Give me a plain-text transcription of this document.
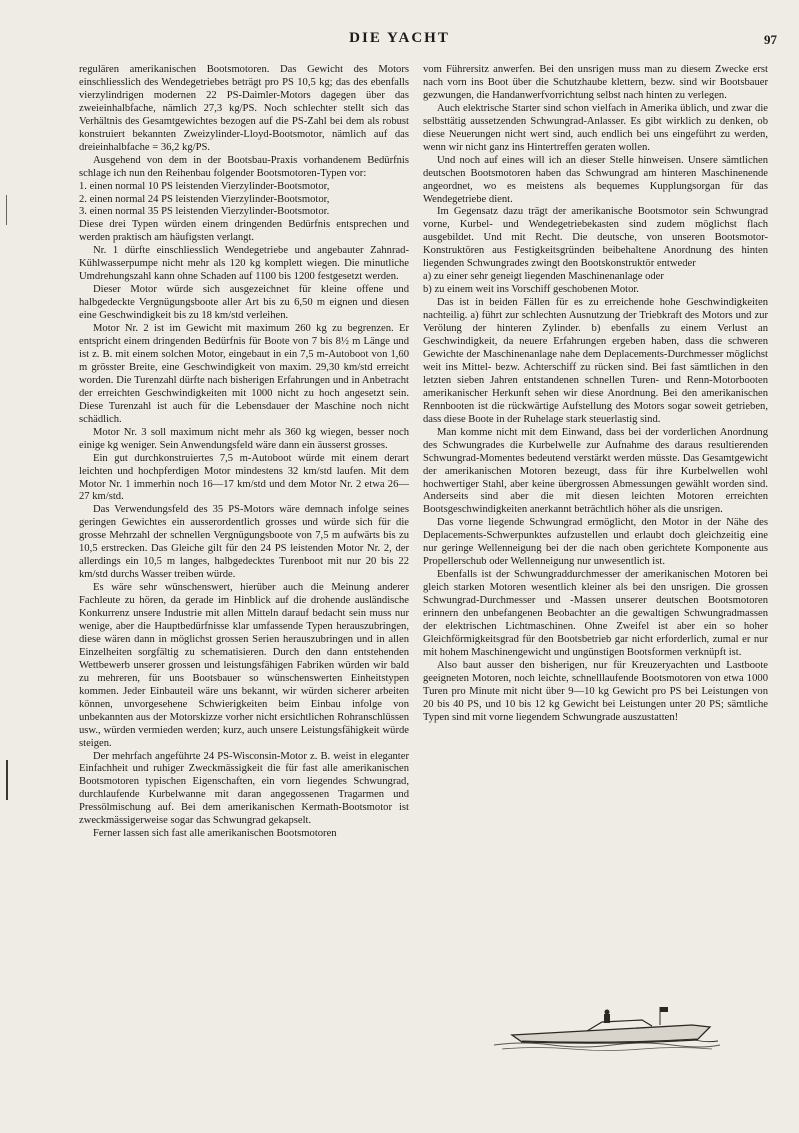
DIE YACHT	97

regulären amerikanischen Bootsmotoren. Das Gewicht des Motors einschliesslich des Wendegetriebes beträgt pro PS 10,5 kg; das des ebenfalls vierzylindrigen modernen 22 PS-Daimler-Motors dagegen über das zweieinhalbfache, nämlich 27,3 kg/PS. Noch schlechter stellt sich das Verhältnis des Gesamtgewichtes bezogen auf die PS-Zahl bei dem als robust konstruiert bekannten Zweizylinder-Lloyd-Bootsmotor, nämlich auf das dreieinhalbfache = 36,2 kg/PS.

Ausgehend von dem in der Bootsbau-Praxis vorhandenem Bedürfnis schlage ich nun den Reihenbau folgender Bootsmotoren-Typen vor:

1. einen normal 10 PS leistenden Vierzylinder-Bootsmotor,
2. einen normal 24 PS leistenden Vierzylinder-Bootsmotor,
3. einen normal 35 PS leistenden Vierzylinder-Bootsmotor.

Diese drei Typen würden einem dringenden Bedürfnis entsprechen und werden praktisch am häufigsten verlangt.

Nr. 1 dürfte einschliesslich Wendegetriebe und angebauter Zahnrad-Kühlwasserpumpe nicht mehr als 120 kg komplett wiegen. Die minutliche Umdrehungszahl kann ohne Schaden auf 1100 bis 1200 festgesetzt werden.

Dieser Motor würde sich ausgezeichnet für kleine offene und halbgedeckte Vergnügungsboote aller Art bis zu 6,50 m eignen und diesen eine Geschwindigkeit bis zu 18 km/std verleihen.

Motor Nr. 2 ist im Gewicht mit maximum 260 kg zu begrenzen. Er entspricht einem dringenden Bedürfnis für Boote von 7 bis 8½ m Länge und ist z. B. mit einem solchen Motor, eingebaut in ein 7,5 m-Autoboot von 1,60 m grösster Breite, eine Geschwindigkeit von maxim. 29,30 km/std erreicht worden. Die Turenzahl dürfte nach bisherigen Erfahrungen und in Anbetracht der erreichten Geschwindigkeiten mit 1000 nicht zu hoch angesetzt sein. Diese Turenzahl ist auch für die Lebensdauer der Maschine noch nicht schädlich.

Motor Nr. 3 soll maximum nicht mehr als 360 kg wiegen, besser noch einige kg weniger. Sein Anwendungsfeld wäre dann ein äusserst grosses.

Ein gut durchkonstruiertes 7,5 m-Autoboot würde mit einem derart leichten und hochpferdigen Motor mindestens 32 km/std laufen. Mit dem Motor Nr. 1 immerhin noch 16—17 km/std und dem Motor Nr. 2 etwa 26—27 km/std.

Das Verwendungsfeld des 35 PS-Motors wäre demnach infolge seines geringen Gewichtes ein ausserordentlich grosses und würde sich für die grosse Mehrzahl der schnellen Vergnügungsboote von 7,5 m aufwärts bis zu 10,5 erstrecken. Das Gleiche gilt für den 24 PS leistenden Motor Nr. 2, der allerdings ein 10,5 m langes, halbgedecktes Turenboot mit nur 20 bis 22 km/std durchs Wasser treiben würde.

Es wäre sehr wünschenswert, hierüber auch die Meinung anderer Fachleute zu hören, da gerade im Hinblick auf die drohende ausländische Konkurrenz unsere Industrie mit allen Mitteln darauf bedacht sein muss nur wenige, aber die Hauptbedürfnisse klar umfassende Typen herauszubringen, diese wären dann in möglichst grossen Serien herauszubringen und in allen Einzelheiten sorgfältig zu schematisieren. Durch den dann entstehenden Wettbewerb unserer grossen und leistungsfähigen Fabriken würden wir bald zu mehreren, für uns Bootsbauer so wünschenswerten Einheitstypen kommen. Jeder Einbauteil wäre uns bekannt, wir würden sicherer arbeiten können, unvorgesehene Schwierigkeiten beim Einbau infolge von unbekannten aus der Motorskizze vorher nicht ersichtlichen Rohranschlüssen usw., würden vermieden werden; kurz, auch unsere Leistungsfähigkeit würde steigen.

Der mehrfach angeführte 24 PS-Wisconsin-Motor z. B. weist in eleganter Einfachheit und ruhiger Zweckmässigkeit die für fast alle amerikanischen Bootsmotoren typischen Eigenschaften, ein vorn liegendes Schwungrad, durchlaufende Kurbelwanne mit daran angegossenen Tragarmen und Pressölmischung auf. Bei dem amerikanischen Kermath-Bootsmotor ist zweckmässigerweise sogar das Schwungrad gekapselt.

Ferner lassen sich fast alle amerikanischen Bootsmotoren

vom Führersitz anwerfen. Bei den unsrigen muss man zu diesem Zwecke erst nach vorn ins Boot über die Schutzhaube klettern, bezw. sind wir Bootsbauer gezwungen, die Handanwerfvorrichtung selbst nach hinten zu verlegen.

Auch elektrische Starter sind schon vielfach in Amerika üblich, und zwar die selbsttätig aussetzenden Schwungrad-Anlasser. Es gibt wirklich zu denken, ob diese Neuerungen nicht wert sind, auch endlich bei uns eingeführt zu werden, wenn wir nicht ganz ins Hintertreffen geraten wollen.

Und noch auf eines will ich an dieser Stelle hinweisen. Unsere sämtlichen deutschen Bootsmotoren haben das Schwungrad am hinteren Maschinenende angeordnet, wo es meistens als bequemes Kupplungsorgan für das Wendegetriebe dient.

Im Gegensatz dazu trägt der amerikanische Bootsmotor sein Schwungrad vorne, Kurbel- und Wendegetriebekasten sind zudem möglichst flach ausgebildet. Und mit Recht. Die deutsche, von unseren Bootsmotor-Konstruktören aus Festigkeitsgründen beibehaltene Anordnung des hinten liegenden Schwungrades zwingt den Bootskonstruktör entweder

a) zu einer sehr geneigt liegenden Maschinenanlage oder

b) zu einem weit ins Vorschiff geschobenen Motor.

Das ist in beiden Fällen für es zu erreichende hohe Geschwindigkeiten nachteilig. a) führt zur schlechten Ausnutzung der Triebkraft des Motors und zur Verölung der hinteren Zylinder. b) ebenfalls zu einem Verlust an Geschwindigkeit, da neuere Erfahrungen ergeben haben, dass die schweren Gewichte der Maschinenanlage nahe dem Deplacements-Durchmesser möglichst weit ins Mittel- bezw. Achterschiff zu rücken sind. Bei fast sämtlichen in den letzten sieben Jahren entstandenen schnellen Turen- und Renn-Motorbooten amerikanischer Herkunft sehen wir diese Anordnung. Bei den amerikanischen Rennbooten ist die rückwärtige Aufstellung des Motors sogar soweit getrieben, dass diese Boote in der Ruhelage stark steuerlastig sind.

Man komme nicht mit dem Einwand, dass bei der vorderlichen Anordnung des Schwungrades die Kurbelwelle zur Aufnahme des daraus resultierenden Schwungrad-Momentes bedeutend verstärkt werden müsste. Das Gesamtgewicht der amerikanischen Motoren bezeugt, dass für ihre Kurbelwellen wohl hochwertiger Stahl, aber keine übergrossen Abmessungen gewählt worden sind. Anderseits sind aber die mit diesen leichten Motoren erreichten Bootsgeschwindigkeiten anerkannt beträchtlich höher als die unsrigen.

Das vorne liegende Schwungrad ermöglicht, den Motor in der Nähe des Deplacements-Schwerpunktes aufzustellen und erlaubt doch gleichzeitig eine nur geringe Wellenneigung bei der die nach oben gerichtete Komponente aus Propellerschub oder Wellenneigung nur unwesentlich ist.

Ebenfalls ist der Schwungraddurchmesser der amerikanischen Motoren bei gleich starken Motoren wesentlich kleiner als bei den unsrigen. Die grossen Schwungrad-Durchmesser und -Massen unserer deutschen Bootsmotoren erinnern den unbefangenen Beobachter an die gewaltigen Schwungradmassen der elektrischen Lichtmaschinen. Ohne Zweifel ist aber ein so hoher Gleichförmigkeitsgrad für den Bootsbetrieb gar nicht erforderlich, zumal er nur mit hohem Maschinengewicht und ungünstigen Bootsformen verknüpft ist.

Also baut ausser den bisherigen, nur für Kreuzeryachten und Lastboote geeigneten Motoren, noch leichte, schnelllaufende Bootsmotoren von etwa 1000 Turen pro Minute mit nicht über 9—10 kg Gewicht pro PS bei Leistungen von 20 bis 40 PS, und 10 bis 12 kg Gewicht bei Leistungen unter 20 PS; sämtliche Typen sind mit vorne liegendem Schwungrade auszustatten!
